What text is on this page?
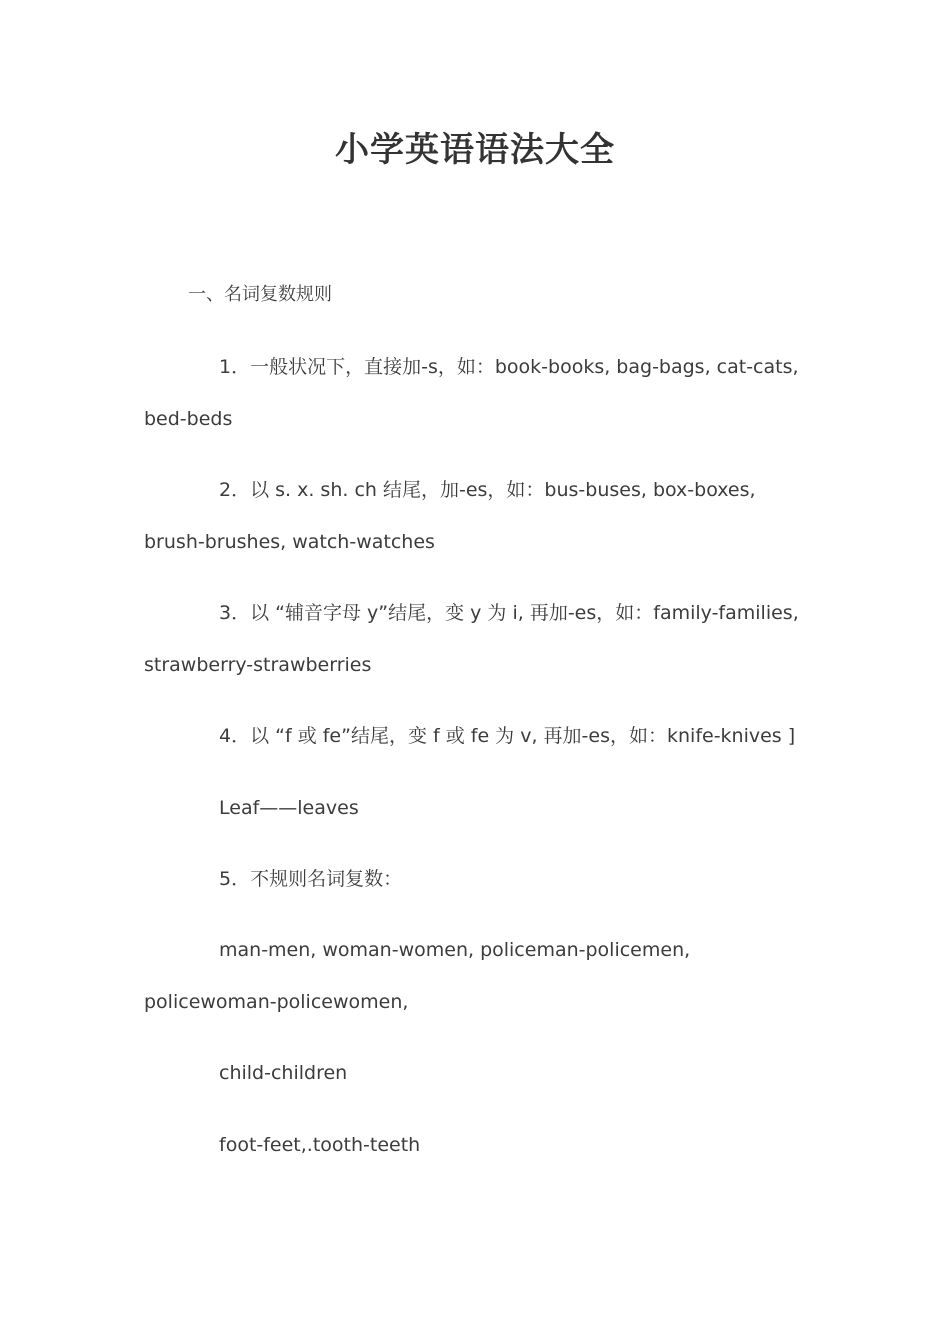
小学英语语法大全
一、名词复数规则
1．一般状况下，直接加-s，如：book-books, bag-bags, cat-cats, bed-beds
2．以 s. x. sh. ch 结尾，加-es，如：bus-buses, box-boxes, brush-brushes, watch-watches
3．以 “辅音字母 y”结尾，变 y 为 i, 再加-es，如：family-families, strawberry-strawberries
4．以 “f 或 fe”结尾，变 f 或 fe 为 v, 再加-es，如：knife-knives ]
Leaf——leaves
5．不规则名词复数：
man-men, woman-women, policeman-policemen, policewoman-policewomen,
child-children
foot-feet,.tooth-teeth
